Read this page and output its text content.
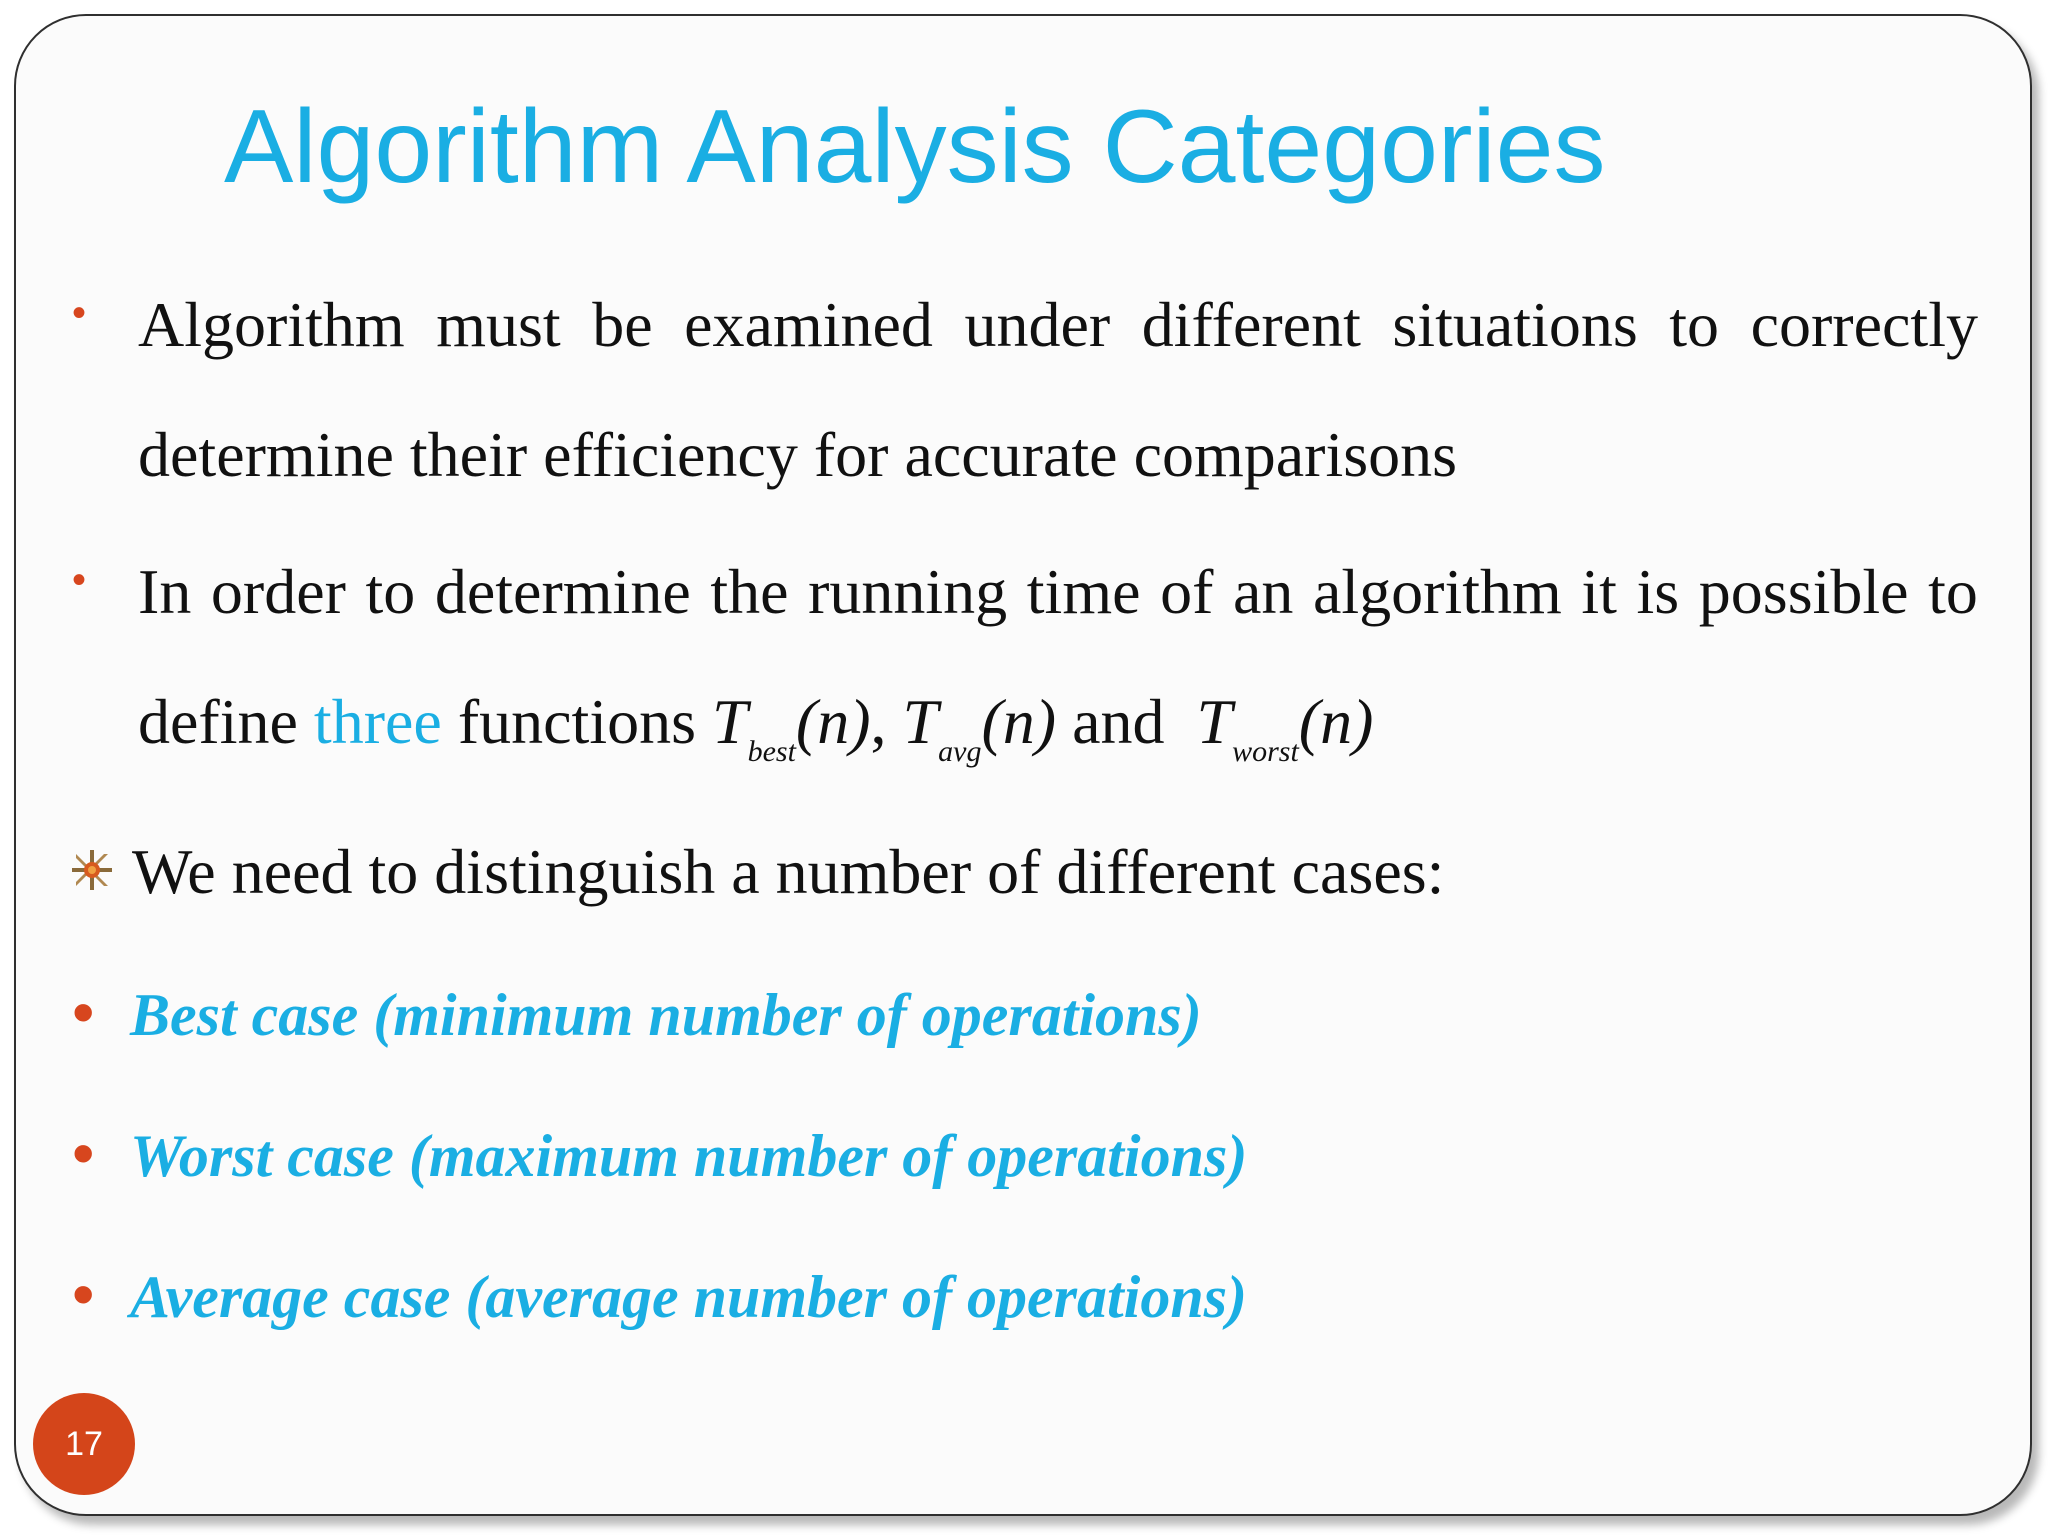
Algorithm Analysis Categories
• Algorithm must be examined under different situations to correctly
determine their efficiency for accurate comparisons
• In order to determine the running time of an algorithm it is possible to
define three functions $T_{best}(n)$, $T_{avg}(n)$ and  $T_{worst}(n)$
We need to distinguish a number of different cases:
• Best case (minimum number of operations)
• Worst case (maximum number of operations)
• Average case (average number of operations)
17
